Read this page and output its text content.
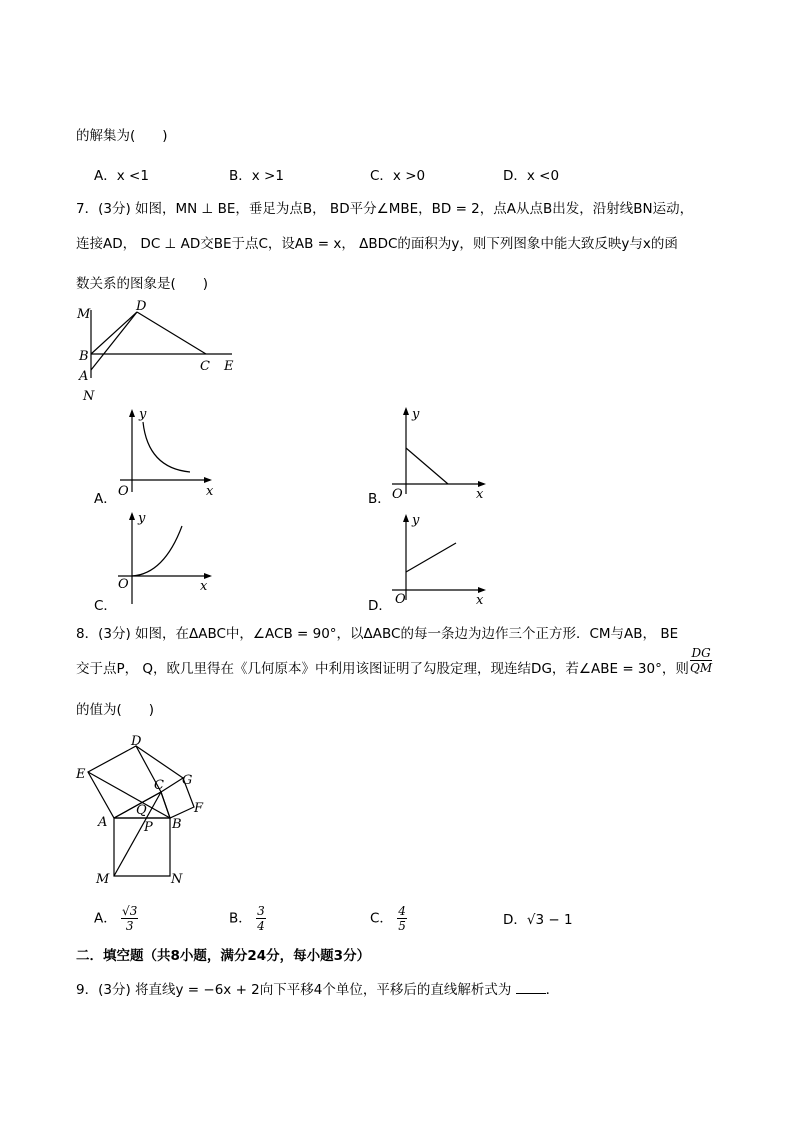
的解集为(　　)
A．x <1	B．x >1	C．x >0	D．x <0
7．(3分) 如图，MN ⊥ BE，垂足为点B， BD平分∠MBE，BD = 2，点A从点B出发，沿射线BN运动，
连接AD， DC ⊥ AD交BE于点C，设AB = x， ΔBDC的面积为y，则下列图象中能大致反映y与x的函
数关系的图象是(　　)
M
D
B
A
N
C E
A．
y
x
O	B．
y
x
O
C．
y
x
O
D．
y
x
O
8．(3分) 如图，在ΔABC中，∠ACB = 90°，以ΔABC的每一条边为边作三个正方形．CM与AB， BE
交于点P， Q，欧几里得在《几何原本》中利用该图证明了勾股定理，现连结DG，若∠ABE = 30°，则 $\frac{DG}{QM}$
的值为(　　)
D
E
C G
Q	F
A	P B
M	N
A． $\frac{√3}{3}$	B． $\frac{3}{4}$	C． $\frac{4}{5}$	D．√3 − 1
二．填空题（共8小题，满分24分，每小题3分）
9．(3分) 将直线y = −6x + 2向下平移4个单位，平移后的直线解析式为	．
